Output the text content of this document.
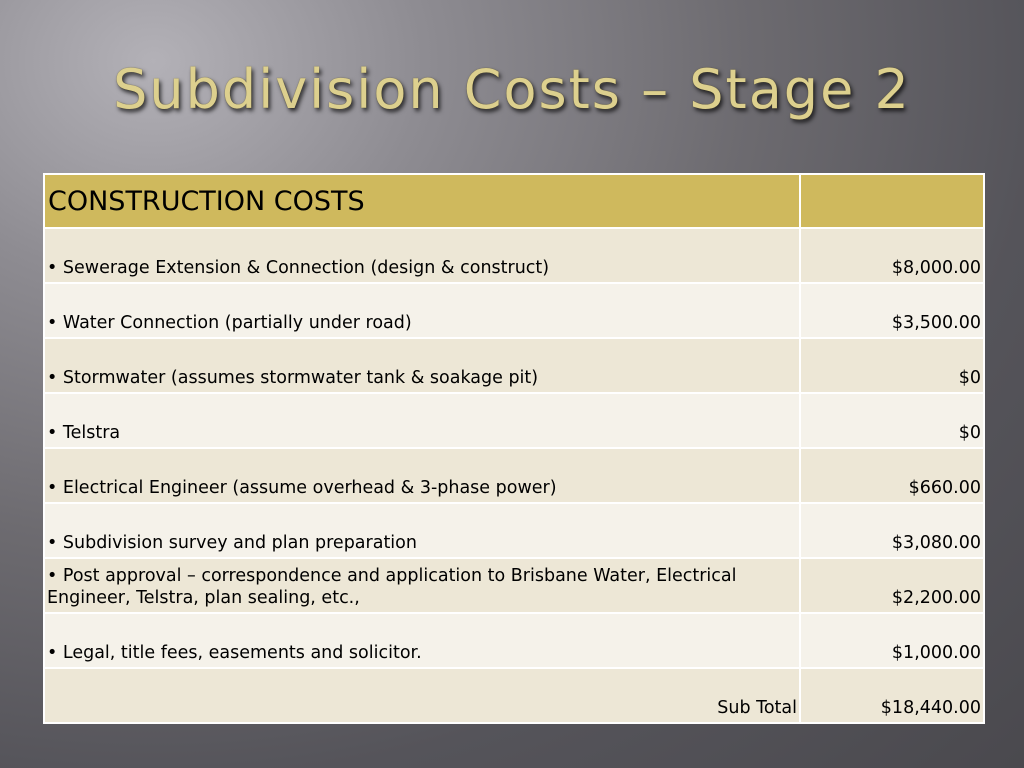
Subdivision Costs – Stage 2
CONSTRUCTION COSTS	
• Sewerage Extension & Connection (design & construct)	$8,000.00
• Water Connection (partially under road)	$3,500.00
• Stormwater (assumes stormwater tank & soakage pit)	$0
• Telstra	$0
• Electrical Engineer (assume overhead & 3-phase power)	$660.00
• Subdivision survey and plan preparation	$3,080.00
• Post approval – correspondence and application to Brisbane Water, Electrical Engineer, Telstra, plan sealing, etc.,	$2,200.00
• Legal, title fees, easements and solicitor.	$1,000.00
Sub Total	$18,440.00
